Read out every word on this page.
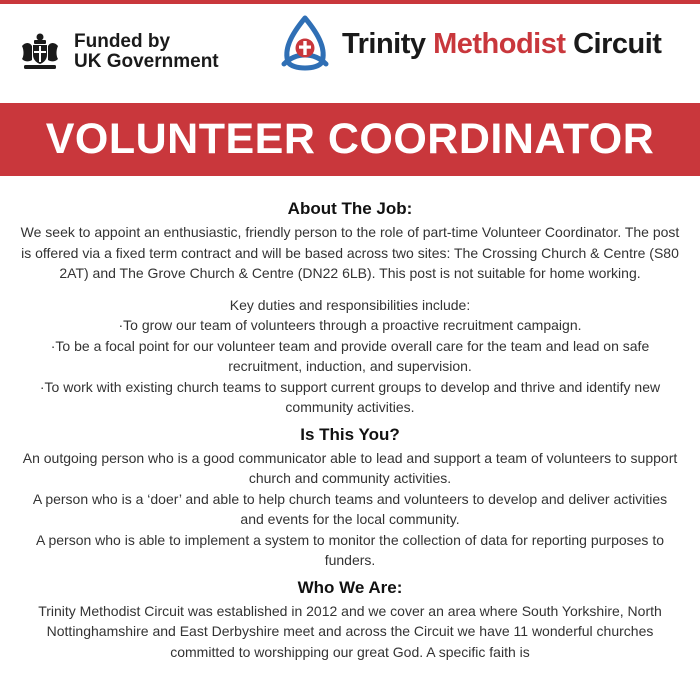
Funded by
UK Government
Trinity Methodist Circuit
VOLUNTEER COORDINATOR
About The Job:

We seek to appoint an enthusiastic, friendly person to the role of part-time Volunteer Coordinator. The post is offered via a fixed term contract and will be based across two sites: The Crossing Church & Centre (S80 2AT) and The Grove Church & Centre (DN22 6LB). This post is not suitable for home working.

Key duties and responsibilities include:

·To grow our team of volunteers through a proactive recruitment campaign.

·To be a focal point for our volunteer team and provide overall care for the team and lead on safe recruitment, induction, and supervision.

·To work with existing church teams to support current groups to develop and thrive and identify new community activities.

Is This You?

An outgoing person who is a good communicator able to lead and support a team of volunteers to support church and community activities.

A person who is a ‘doer’ and able to help church teams and volunteers to develop and deliver activities and events for the local community.

A person who is able to implement a system to monitor the collection of data for reporting purposes to funders.

Who We Are:

Trinity Methodist Circuit was established in 2012 and we cover an area where South Yorkshire, North Nottinghamshire and East Derbyshire meet and across the Circuit we have 11 wonderful churches committed to worshipping our great God. A specific faith is
